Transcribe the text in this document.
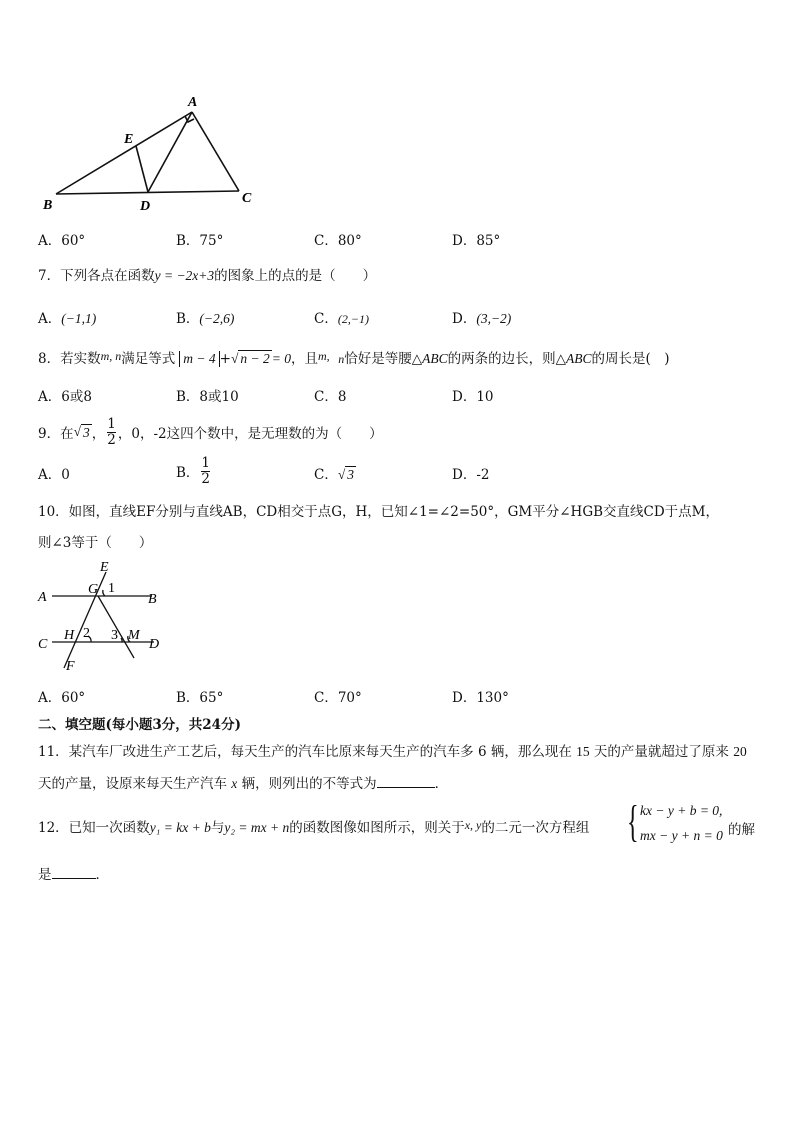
A
E
B	D
C
A．60°	B．75°	C．80°	D．85°
7．下列各点在函数y = −2x+3的图象上的点的是（　　）
A．(−1,1)	B．(−2,6)	C．(2,−1)	D．(3,−2)
8．若实数m, n满足等式 m − 4 +√ n − 2 = 0，且m, n恰好是等腰△ABC的两条的边长，则△ABC的周长是(　)
A．6或8	B．8或10	C．8	D．10
9． 在 √ 3 ， $\frac{1}{2}$ ，0，-2这四个数中，是无理数的为（　　）
A．0	B． $\frac{1}{2}$	C．√ 3	D．-2
10．如图，直线EF分别与直线AB，CD相交于点G，H，已知∠1=∠2=50°，GM平分∠HGB交直线CD于点M，
则∠3等于（　　）
E
G 1
A	B
C
H 2 3 M
D
F
A．60°	B．65°	C．70°	D．130°
二、填空题(每小题3分，共24分)
11．某汽车厂改进生产工艺后，每天生产的汽车比原来每天生产的汽车多 6 辆，那么现在 15 天的产量就超过了原来 20
天的产量，设原来每天生产汽车 x 辆，则列出的不等式为	．
12．已知一次函数y₁ = kx + b与y₂ = mx + n的函数图像如图所示，则关于x, y的二元一次方程组 { kx − y + b = 0,
mx − y + n = 0 的解
是	．
